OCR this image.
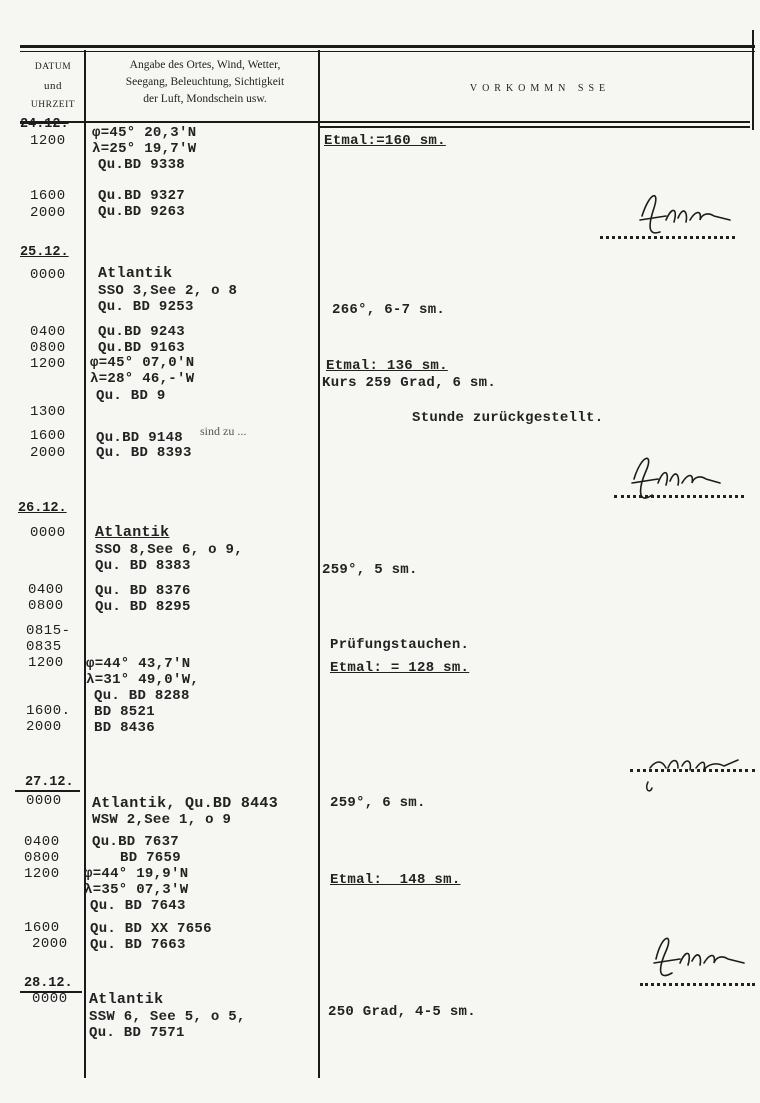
DATUM
und
UHRZEIT
Angabe des Ortes, Wind, Wetter,
Seegang, Beleuchtung, Sichtigkeit
der Luft, Mondschein usw.
VORKOMMN SSE
24.12.
25.12.
26.12.
27.12.
28.12.
1200
1600
2000
0000
0400
0800
1200
1300
1600
2000
0000
0400
0800
0815-
0835
1200
1600.
2000
0000
0400
0800
1200
1600
2000
0000
φ=45° 20,3'N
λ=25° 19,7'W
Qu.BD 9338
Qu.BD 9327
Qu.BD 9263
Atlantik
SSO 3,See 2, o 8
Qu. BD 9253
Qu.BD 9243
Qu.BD 9163
φ=45° 07,0'N
λ=28° 46,-'W
Qu. BD 9
Qu.BD 9148 sind zu ...
Qu. BD 8393
Atlantik
SSO 8,See 6, o 9,
Qu. BD 8383
Qu. BD 8376
Qu. BD 8295
φ=44° 43,7'N
λ=31° 49,0'W,
Qu. BD 8288
BD 8521
BD 8436
Atlantik, Qu.BD 8443
WSW 2,See 1, o 9
Qu.BD 7637
BD 7659
φ=44° 19,9'N
λ=35° 07,3'W
Qu. BD 7643
Qu. BD XX 7656
Qu. BD 7663
Atlantik
SSW 6, See 5, o 5,
Qu. BD 7571
Etmal:=160 sm.
266°, 6-7 sm.
Etmal: 136 sm.
Kurs 259 Grad, 6 sm.
Stunde zurückgestellt.
259°, 5 sm.
Prüfungstauchen.
Etmal: = 128 sm.
259°, 6 sm.
Etmal:  148 sm.
250 Grad, 4-5 sm.
